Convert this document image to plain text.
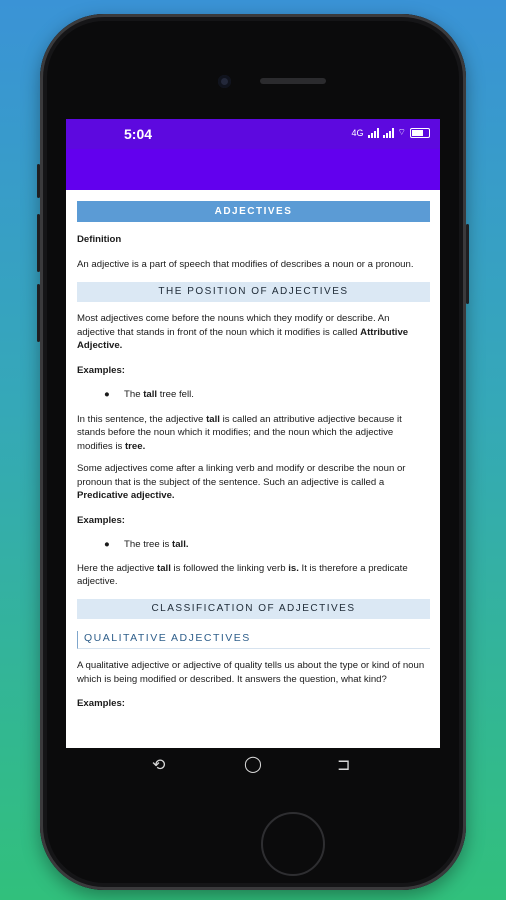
5:04	4G	⌔
ADJECTIVES

Definition

An adjective is a part of speech that modifies of describes a noun or a pronoun.

THE POSITION OF ADJECTIVES

Most adjectives come before the nouns which they modify or describe. An adjective that stands in front of the noun which it modifies is called Attributive Adjective.

Examples:

●	The tall tree fell.

In this sentence, the adjective tall is called an attributive adjective because it stands before the noun which it modifies; and the noun which the adjective modifies is tree.

Some adjectives come after a linking verb and modify or describe the noun or pronoun that is the subject of the sentence. Such an adjective is called a Predicative adjective.

Examples:

●	The tree is tall.

Here the adjective tall is followed the linking verb is. It is therefore a predicate adjective.

CLASSIFICATION OF ADJECTIVES
QUALITATIVE ADJECTIVES

A qualitative adjective or adjective of quality tells us about the type or kind of noun which is being modified or described. It answers the question, what kind?

Examples:

⟲	◯	⊐
